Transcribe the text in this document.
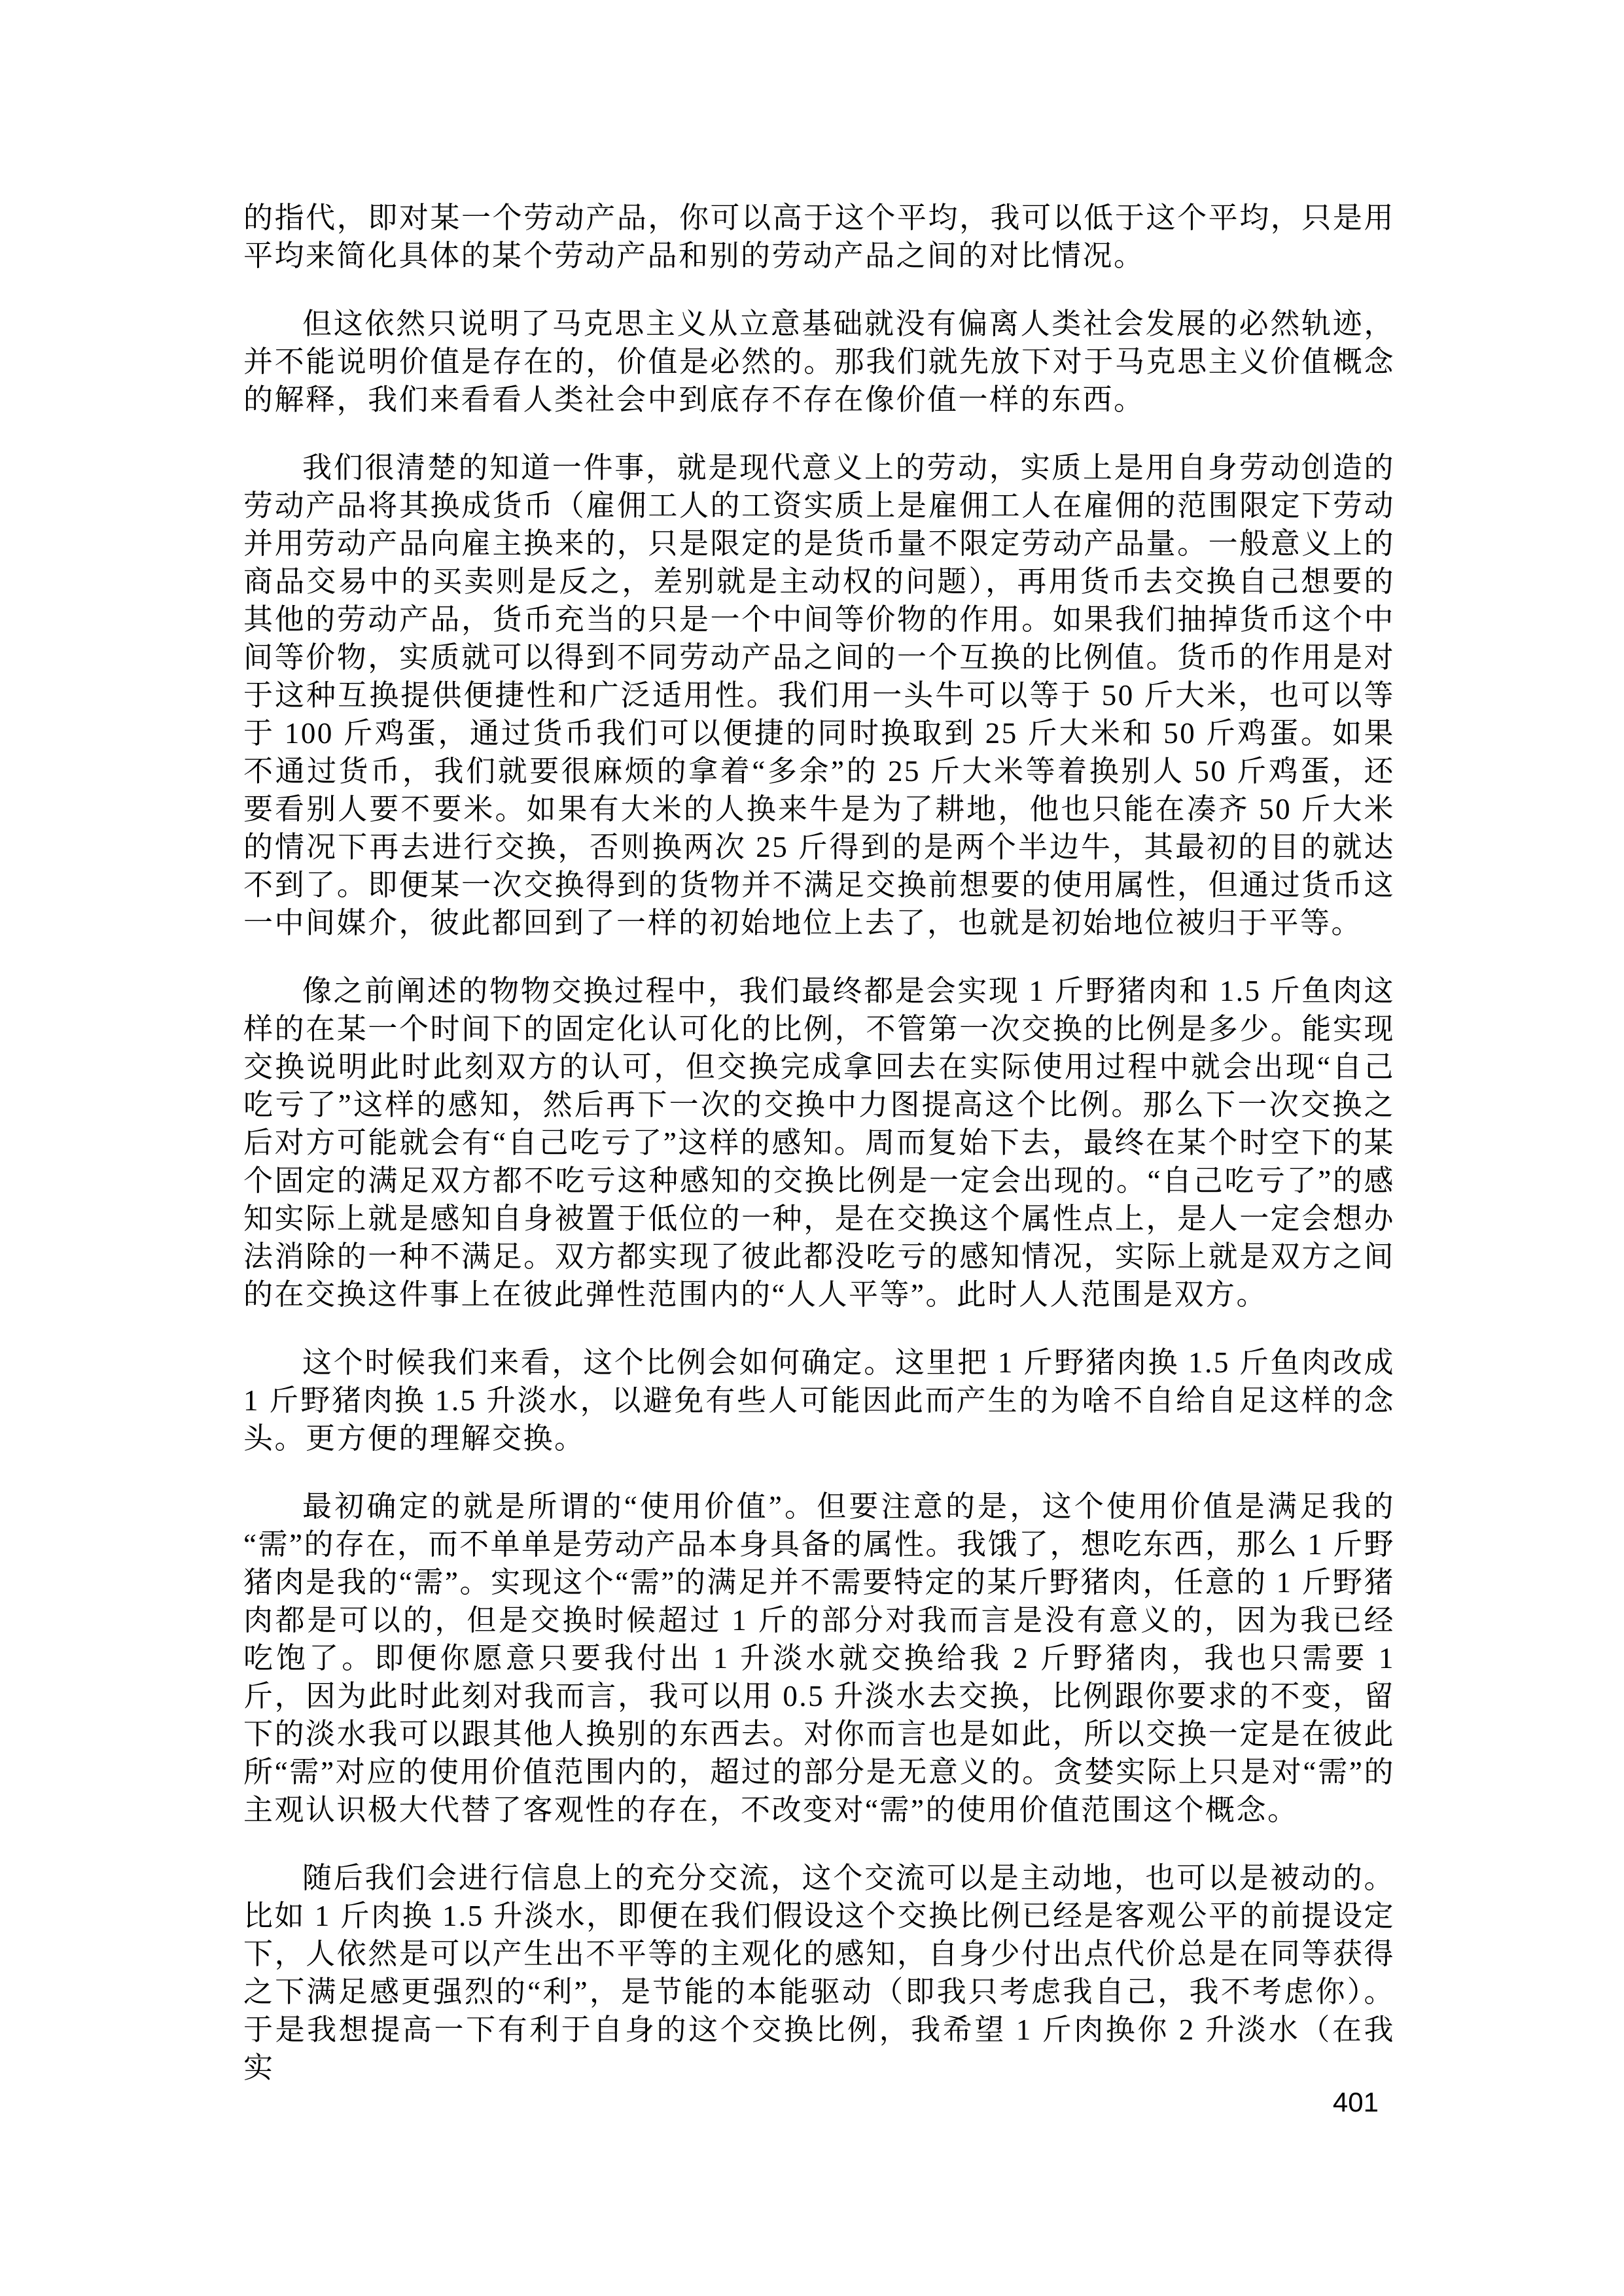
的指代，即对某一个劳动产品，你可以高于这个平均，我可以低于这个平均，只是用平均来简化具体的某个劳动产品和别的劳动产品之间的对比情况。

但这依然只说明了马克思主义从立意基础就没有偏离人类社会发展的必然轨迹，并不能说明价值是存在的，价值是必然的。那我们就先放下对于马克思主义价值概念的解释，我们来看看人类社会中到底存不存在像价值一样的东西。

我们很清楚的知道一件事，就是现代意义上的劳动，实质上是用自身劳动创造的劳动产品将其换成货币（雇佣工人的工资实质上是雇佣工人在雇佣的范围限定下劳动并用劳动产品向雇主换来的，只是限定的是货币量不限定劳动产品量。一般意义上的商品交易中的买卖则是反之，差别就是主动权的问题），再用货币去交换自己想要的其他的劳动产品，货币充当的只是一个中间等价物的作用。如果我们抽掉货币这个中间等价物，实质就可以得到不同劳动产品之间的一个互换的比例值。货币的作用是对于这种互换提供便捷性和广泛适用性。我们用一头牛可以等于 50 斤大米，也可以等于 100 斤鸡蛋，通过货币我们可以便捷的同时换取到 25 斤大米和 50 斤鸡蛋。如果不通过货币，我们就要很麻烦的拿着“多余”的 25 斤大米等着换别人 50 斤鸡蛋，还要看别人要不要米。如果有大米的人换来牛是为了耕地，他也只能在凑齐 50 斤大米的情况下再去进行交换，否则换两次 25 斤得到的是两个半边牛，其最初的目的就达不到了。即便某一次交换得到的货物并不满足交换前想要的使用属性，但通过货币这一中间媒介，彼此都回到了一样的初始地位上去了，也就是初始地位被归于平等。

像之前阐述的物物交换过程中，我们最终都是会实现 1 斤野猪肉和 1.5 斤鱼肉这样的在某一个时间下的固定化认可化的比例，不管第一次交换的比例是多少。能实现交换说明此时此刻双方的认可，但交换完成拿回去在实际使用过程中就会出现“自己吃亏了”这样的感知，然后再下一次的交换中力图提高这个比例。那么下一次交换之后对方可能就会有“自己吃亏了”这样的感知。周而复始下去，最终在某个时空下的某个固定的满足双方都不吃亏这种感知的交换比例是一定会出现的。“自己吃亏了”的感知实际上就是感知自身被置于低位的一种，是在交换这个属性点上，是人一定会想办法消除的一种不满足。双方都实现了彼此都没吃亏的感知情况，实际上就是双方之间的在交换这件事上在彼此弹性范围内的“人人平等”。此时人人范围是双方。

这个时候我们来看，这个比例会如何确定。这里把 1 斤野猪肉换 1.5 斤鱼肉改成 1 斤野猪肉换 1.5 升淡水，以避免有些人可能因此而产生的为啥不自给自足这样的念头。更方便的理解交换。

最初确定的就是所谓的“使用价值”。但要注意的是，这个使用价值是满足我的“需”的存在，而不单单是劳动产品本身具备的属性。我饿了，想吃东西，那么 1 斤野猪肉是我的“需”。实现这个“需”的满足并不需要特定的某斤野猪肉，任意的 1 斤野猪肉都是可以的，但是交换时候超过 1 斤的部分对我而言是没有意义的，因为我已经吃饱了。即便你愿意只要我付出 1 升淡水就交换给我 2 斤野猪肉，我也只需要 1 斤，因为此时此刻对我而言，我可以用 0.5 升淡水去交换，比例跟你要求的不变，留下的淡水我可以跟其他人换别的东西去。对你而言也是如此，所以交换一定是在彼此所“需”对应的使用价值范围内的，超过的部分是无意义的。贪婪实际上只是对“需”的主观认识极大代替了客观性的存在，不改变对“需”的使用价值范围这个概念。

随后我们会进行信息上的充分交流，这个交流可以是主动地，也可以是被动的。比如 1 斤肉换 1.5 升淡水，即便在我们假设这个交换比例已经是客观公平的前提设定下，人依然是可以产生出不平等的主观化的感知，自身少付出点代价总是在同等获得之下满足感更强烈的“利”，是节能的本能驱动（即我只考虑我自己，我不考虑你）。于是我想提高一下有利于自身的这个交换比例，我希望 1 斤肉换你 2 升淡水（在我实

401
